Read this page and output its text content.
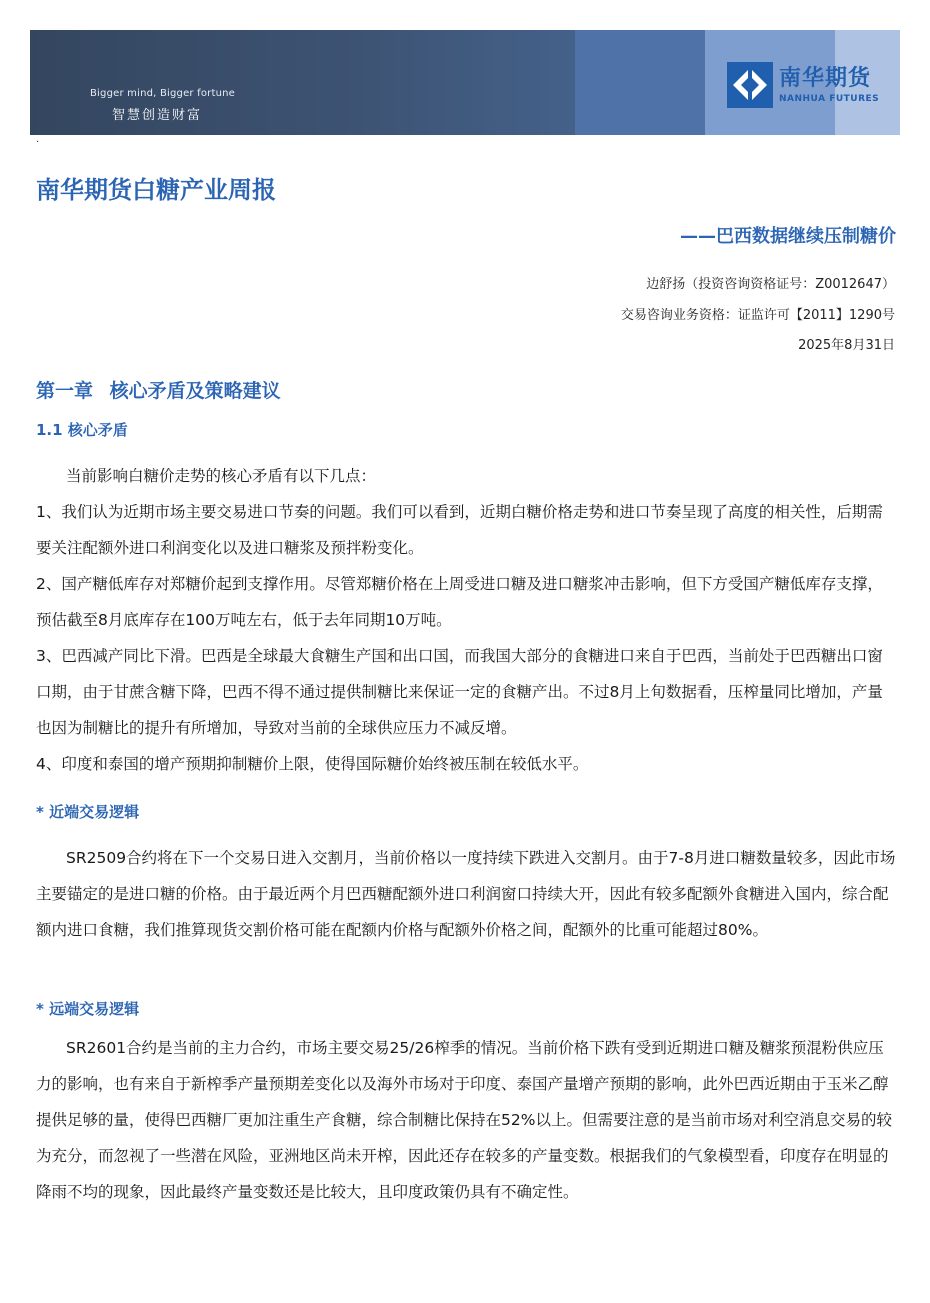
Bigger mind, Bigger fortune
智慧创造财富
南华期货
NANHUA FUTURES
·
南华期货白糖产业周报
——巴西数据继续压制糖价
边舒扬（投资咨询资格证号：Z0012647）
交易咨询业务资格：证监许可【2011】1290号
2025年8月31日
第一章 核心矛盾及策略建议
1.1 核心矛盾

当前影响白糖价走势的核心矛盾有以下几点：

1、我们认为近期市场主要交易进口节奏的问题。我们可以看到，近期白糖价格走势和进口节奏呈现了高度的相关性，后期需要关注配额外进口利润变化以及进口糖浆及预拌粉变化。

2、国产糖低库存对郑糖价起到支撑作用。尽管郑糖价格在上周受进口糖及进口糖浆冲击影响，但下方受国产糖低库存支撑，预估截至8月底库存在100万吨左右，低于去年同期10万吨。

3、巴西减产同比下滑。巴西是全球最大食糖生产国和出口国，而我国大部分的食糖进口来自于巴西，当前处于巴西糖出口窗口期，由于甘蔗含糖下降，巴西不得不通过提供制糖比来保证一定的食糖产出。不过8月上旬数据看，压榨量同比增加，产量也因为制糖比的提升有所增加，导致对当前的全球供应压力不减反增。

4、印度和泰国的增产预期抑制糖价上限，使得国际糖价始终被压制在较低水平。

* 近端交易逻辑

SR2509合约将在下一个交易日进入交割月，当前价格以一度持续下跌进入交割月。由于7-8月进口糖数量较多，因此市场主要锚定的是进口糖的价格。由于最近两个月巴西糖配额外进口利润窗口持续大开，因此有较多配额外食糖进入国内，综合配额内进口食糖，我们推算现货交割价格可能在配额内价格与配额外价格之间，配额外的比重可能超过80%。

* 远端交易逻辑

SR2601合约是当前的主力合约，市场主要交易25/26榨季的情况。当前价格下跌有受到近期进口糖及糖浆预混粉供应压力的影响，也有来自于新榨季产量预期差变化以及海外市场对于印度、泰国产量增产预期的影响，此外巴西近期由于玉米乙醇提供足够的量，使得巴西糖厂更加注重生产食糖，综合制糖比保持在52%以上。但需要注意的是当前市场对利空消息交易的较为充分，而忽视了一些潜在风险，亚洲地区尚未开榨，因此还存在较多的产量变数。根据我们的气象模型看，印度存在明显的降雨不均的现象，因此最终产量变数还是比较大，且印度政策仍具有不确定性。
